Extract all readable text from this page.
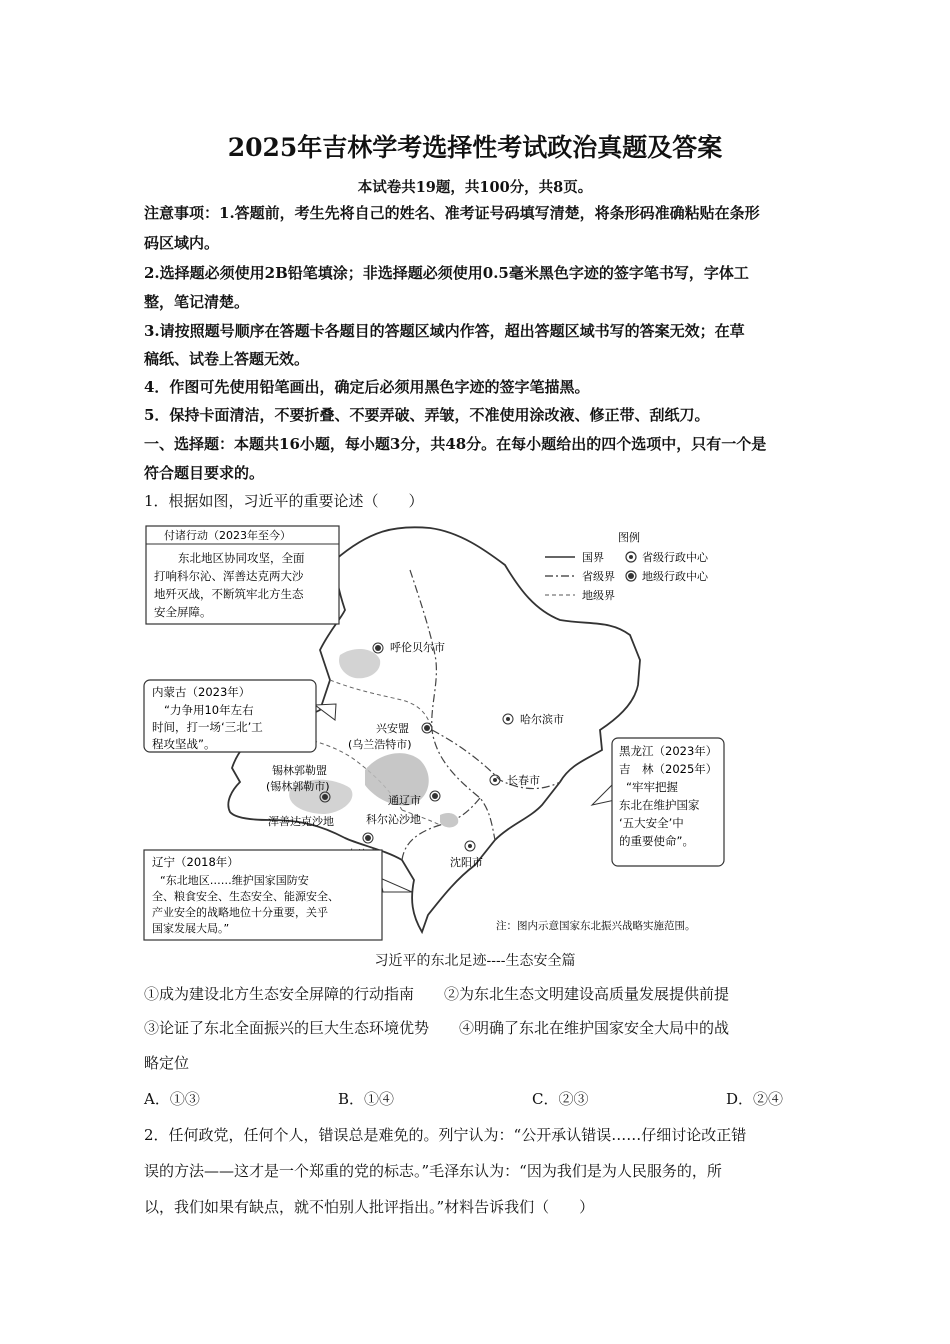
2025年吉林学考选择性考试政治真题及答案
本试卷共19题，共100分，共8页。
注意事项：1.答题前，考生先将自己的姓名、准考证号码填写清楚，将条形码准确粘贴在条形
码区域内。
2.选择题必须使用2B铅笔填涂；非选择题必须使用0.5毫米黑色字迹的签字笔书写，字体工
整，笔记清楚。
3.请按照题号顺序在答题卡各题目的答题区域内作答，超出答题区域书写的答案无效；在草
稿纸、试卷上答题无效。
4．作图可先使用铅笔画出，确定后必须用黑色字迹的签字笔描黑。
5．保持卡面清洁，不要折叠、不要弄破、弄皱，不准使用涂改液、修正带、刮纸刀。
一、选择题：本题共16小题，每小题3分，共48分。在每小题给出的四个选项中，只有一个是
符合题目要求的。
1．根据如图，习近平的重要论述（　　）
图例
国界
省级界
地级界
省级行政中心
地级行政中心
呼伦贝尔市
哈尔滨市
兴安盟
(乌兰浩特市)
锡林郭勒盟
(锡林郭勒市)	长春市
通辽市
浑善达克沙地	科尔沁沙地
沈阳市
付诸行动（2023年至今）
东北地区协同攻坚，全面
打响科尔沁、浑善达克两大沙
地歼灭战，不断筑牢北方生态
安全屏障。
内蒙古（2023年）
“力争用10年左右
时间，打一场‘三北’工
程攻坚战”。	黑龙江（2023年）
吉　林（2025年）
“牢牢把握
东北在维护国家
‘五大安全’中
的重要使命”。
辽宁（2018年）
“东北地区……维护国家国防安
全、粮食安全、生态安全、能源安全、
产业安全的战略地位十分重要，关乎
国家发展大局。”	注：图内示意国家东北振兴战略实施范围。
习近平的东北足迹----生态安全篇
①成为建设北方生态安全屏障的行动指南　　②为东北生态文明建设高质量发展提供前提
③论证了东北全面振兴的巨大生态环境优势　　④明确了东北在维护国家安全大局中的战
略定位
A．①③	B．①④	C．②③	D．②④
2．任何政党，任何个人，错误总是难免的。列宁认为：“公开承认错误……仔细讨论改正错
误的方法——这才是一个郑重的党的标志。”毛泽东认为：“因为我们是为人民服务的，所
以，我们如果有缺点，就不怕别人批评指出。”材料告诉我们（　　）
